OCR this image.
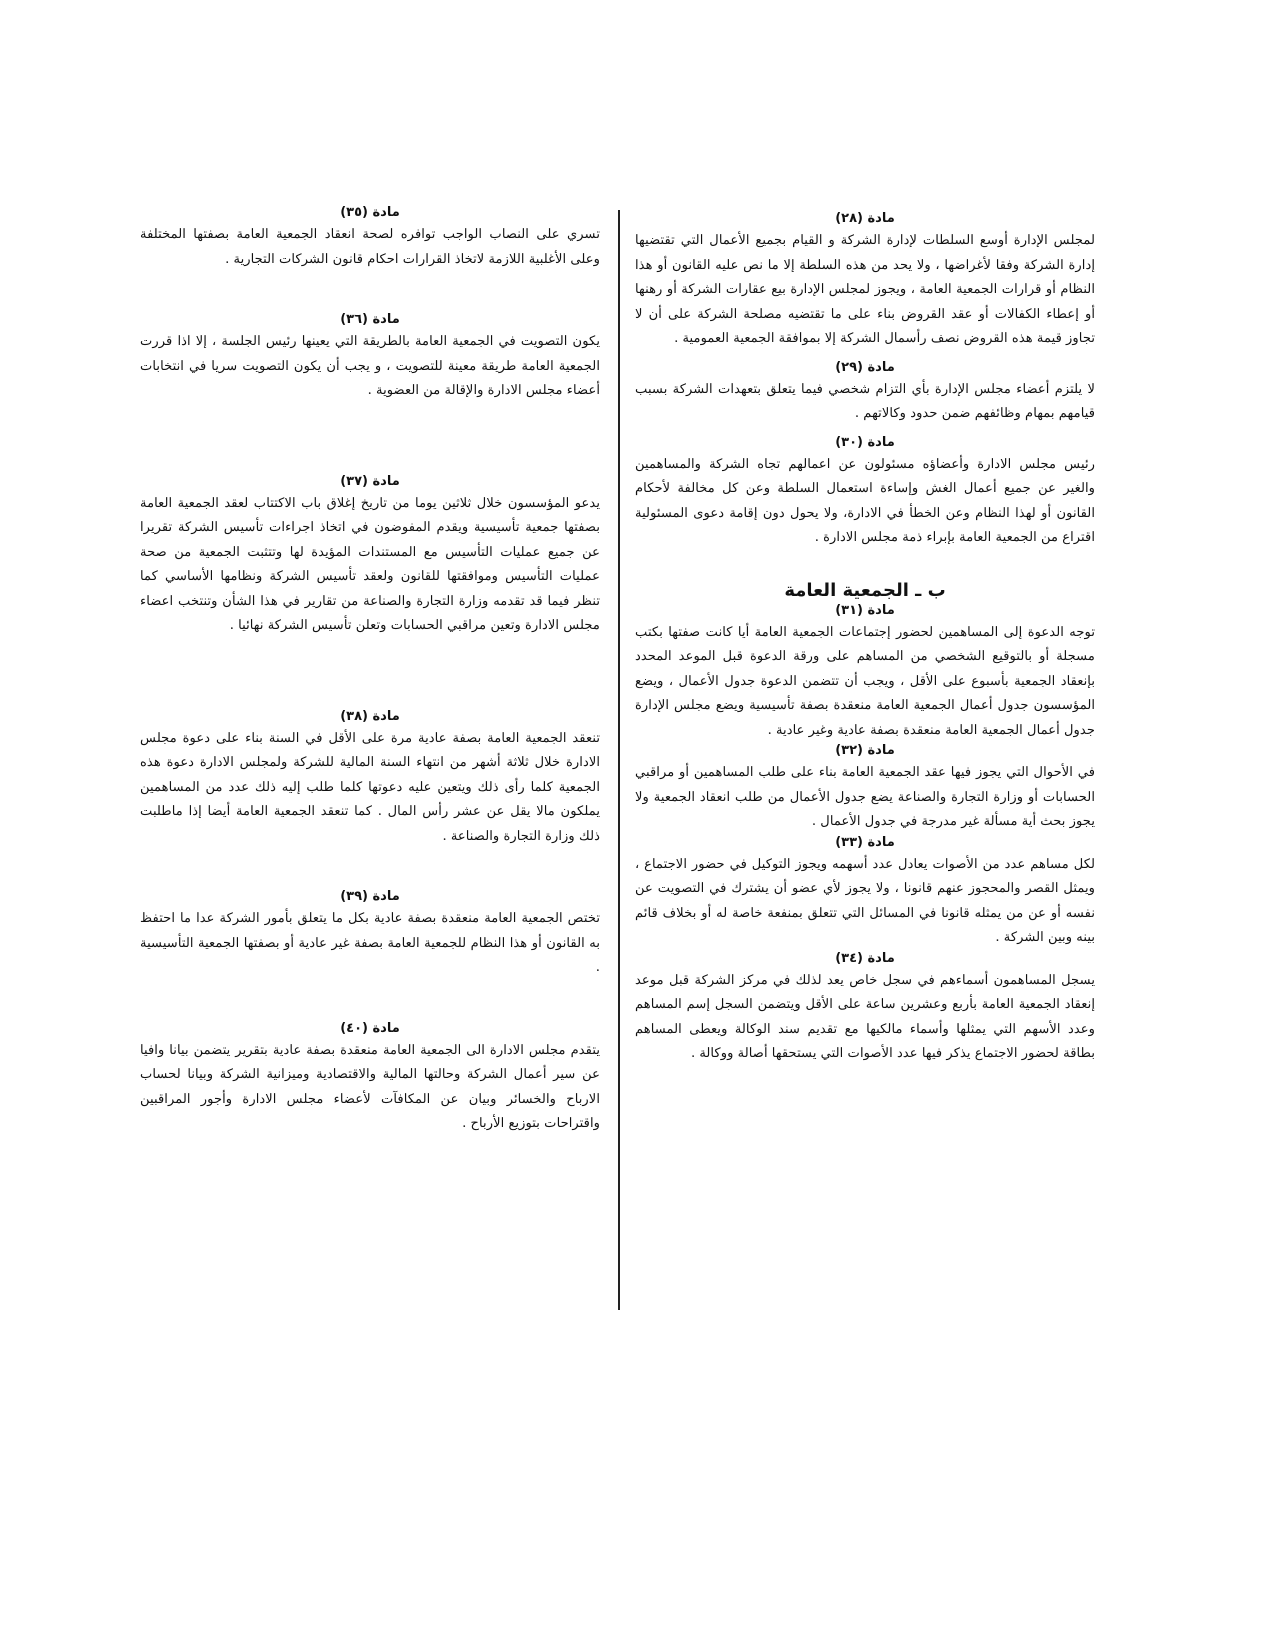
مادة (٢٨)

لمجلس الإدارة أوسع السلطات لإدارة الشركة و القيام بجميع الأعمال التي تقتضيها إدارة الشركة وفقا لأغراضها ، ولا يحد من هذه السلطة إلا ما نص عليه القانون أو هذا النظام أو قرارات الجمعية العامة ، ويجوز لمجلس الإدارة بيع عقارات الشركة أو رهنها أو إعطاء الكفالات أو عقد القروض بناء على ما تقتضيه مصلحة الشركة على أن لا تجاوز قيمة هذه القروض نصف رأسمال الشركة إلا بموافقة الجمعية العمومية .

مادة (٢٩)

لا يلتزم أعضاء مجلس الإدارة بأي التزام شخصي فيما يتعلق بتعهدات الشركة بسبب قيامهم بمهام وظائفهم ضمن حدود وكالاتهم .

مادة (٣٠)

رئيس مجلس الادارة وأعضاؤه مسئولون عن اعمالهم تجاه الشركة والمساهمين والغير عن جميع أعمال الغش وإساءة استعمال السلطة وعن كل مخالفة لأحكام القانون أو لهذا النظام وعن الخطأ في الادارة، ولا يحول دون إقامة دعوى المسئولية اقتراع من الجمعية العامة بإبراء ذمة مجلس الادارة .

ب ـ الجمعية العامة
مادة (٣١)

توجه الدعوة إلى المساهمين لحضور إجتماعات الجمعية العامة أيا كانت صفتها بكتب مسجلة أو بالتوقيع الشخصي من المساهم على ورقة الدعوة قبل الموعد المحدد بإنعقاد الجمعية بأسبوع على الأقل ، ويجب أن تتضمن الدعوة جدول الأعمال ، ويضع المؤسسون جدول أعمال الجمعية العامة منعقدة بصفة تأسيسية ويضع مجلس الإدارة جدول أعمال الجمعية العامة منعقدة بصفة عادية وغير عادية .

مادة (٣٢)

في الأحوال التي يجوز فيها عقد الجمعية العامة بناء على طلب المساهمين أو مراقبي الحسابات أو وزارة التجارة والصناعة يضع جدول الأعمال من طلب انعقاد الجمعية ولا يجوز بحث أية مسألة غير مدرجة في جدول الأعمال .

مادة (٣٣)

لكل مساهم عدد من الأصوات يعادل عدد أسهمه ويجوز التوكيل في حضور الاجتماع ، ويمثل القصر والمحجوز عنهم قانونا ، ولا يجوز لأي عضو أن يشترك في التصويت عن نفسه أو عن من يمثله قانونا في المسائل التي تتعلق بمنفعة خاصة له أو بخلاف قائم بينه وبين الشركة .

مادة (٣٤)

يسجل المساهمون أسماءهم في سجل خاص يعد لذلك في مركز الشركة قبل موعد إنعقاد الجمعية العامة بأربع وعشرين ساعة على الأقل ويتضمن السجل إسم المساهم وعدد الأسهم التي يمثلها وأسماء مالكيها مع تقديم سند الوكالة ويعطى المساهم بطاقة لحضور الاجتماع يذكر فيها عدد الأصوات التي يستحقها أصالة ووكالة .

مادة (٣٥)

تسري على النصاب الواجب توافره لصحة انعقاد الجمعية العامة بصفتها المختلفة وعلى الأغلبية اللازمة لاتخاذ القرارات احكام قانون الشركات التجارية .

مادة (٣٦)

يكون التصويت في الجمعية العامة بالطريقة التي يعينها رئيس الجلسة ، إلا اذا قررت الجمعية العامة طريقة معينة للتصويت ، و يجب أن يكون التصويت سريا في انتخابات أعضاء مجلس الادارة والإقالة من العضوية .

مادة (٣٧)

يدعو المؤسسون خلال ثلاثين يوما من تاريخ إغلاق باب الاكتتاب لعقد الجمعية العامة بصفتها جمعية تأسيسية ويقدم المفوضون في اتخاذ اجراءات تأسيس الشركة تقريرا عن جميع عمليات التأسيس مع المستندات المؤيدة لها وتتثبت الجمعية من صحة عمليات التأسيس وموافقتها للقانون ولعقد تأسيس الشركة ونظامها الأساسي كما تنظر فيما قد تقدمه وزارة التجارة والصناعة من تقارير في هذا الشأن وتنتخب اعضاء مجلس الادارة وتعين مراقبي الحسابات وتعلن تأسيس الشركة نهائيا .

مادة (٣٨)

تنعقد الجمعية العامة بصفة عادية مرة على الأقل في السنة بناء على دعوة مجلس الادارة خلال ثلاثة أشهر من انتهاء السنة المالية للشركة ولمجلس الادارة دعوة هذه الجمعية كلما رأى ذلك ويتعين عليه دعوتها كلما طلب إليه ذلك عدد من المساهمين يملكون مالا يقل عن عشر رأس المال . كما تنعقد الجمعية العامة أيضا إذا ماطلبت ذلك وزارة التجارة والصناعة .

مادة (٣٩)

تختص الجمعية العامة منعقدة بصفة عادية بكل ما يتعلق بأمور الشركة عدا ما احتفظ به القانون أو هذا النظام للجمعية العامة بصفة غير عادية أو بصفتها الجمعية التأسيسية .

مادة (٤٠)

يتقدم مجلس الادارة الى الجمعية العامة منعقدة بصفة عادية بتقرير يتضمن بيانا وافيا عن سير أعمال الشركة وحالتها المالية والاقتصادية وميزانية الشركة وبيانا لحساب الارباح والخسائر وبيان عن المكافآت لأعضاء مجلس الادارة وأجور المراقبين واقتراحات بتوزيع الأرباح .
